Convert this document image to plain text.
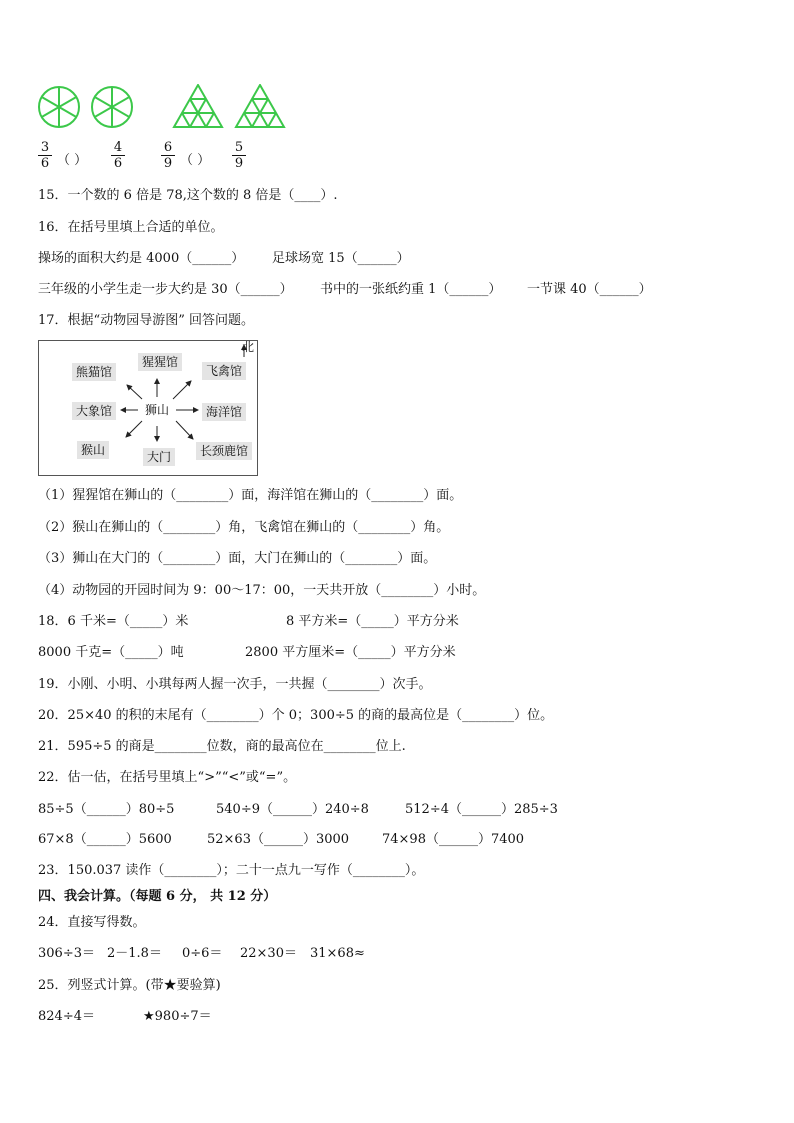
$\frac{3}{6}$ （ ） $\frac{4}{6}$	$\frac{6}{9}$ （ ） $\frac{5}{9}$
15．一个数的 6 倍是 78,这个数的 8 倍是（____）.
16．在括号里填上合适的单位。
操场的面积大约是 4000（______） 足球场宽 15（______）
三年级的小学生走一步大约是 30（______） 书中的一张纸约重 1（______） 一节课 40（______）
17．根据“动物园导游图” 回答问题。
北
猩猩馆
熊猫馆	飞禽馆
大象馆	狮山	海洋馆
猴山	大门	长颈鹿馆
（1）猩猩馆在狮山的（________）面，海洋馆在狮山的（________）面。
（2）猴山在狮山的（________）角，飞禽馆在狮山的（________）角。
（3）狮山在大门的（________）面，大门在狮山的（________）面。
（4）动物园的开园时间为 9：00～17：00，一天共开放（________）小时。
18．6 千米=（_____）米	8 平方米=（_____）平方分米
8000 千克=（_____）吨	2800 平方厘米=（_____）平方分米
19．小刚、小明、小琪每两人握一次手，一共握（________）次手。
20．25×40 的积的末尾有（________）个 0；300÷5 的商的最高位是（________）位。
21．595÷5 的商是________位数，商的最高位在________位上.
22．估一估，在括号里填上“>”“<”或“=”。
85÷5（______）80÷5	540÷9（______）240÷8	512÷4（______）285÷3
67×8（______）5600	52×63（______）3000	74×98（______）7400
23．150.037 读作（________）；二十一点九一写作（________）。
四、我会计算。（每题 6 分， 共 12 分）
24．直接写得数。
306÷3＝ 2－1.8＝ 0÷6＝ 22×30＝ 31×68≈
25．列竖式计算。(带★要验算)
824÷4＝	★980÷7＝
